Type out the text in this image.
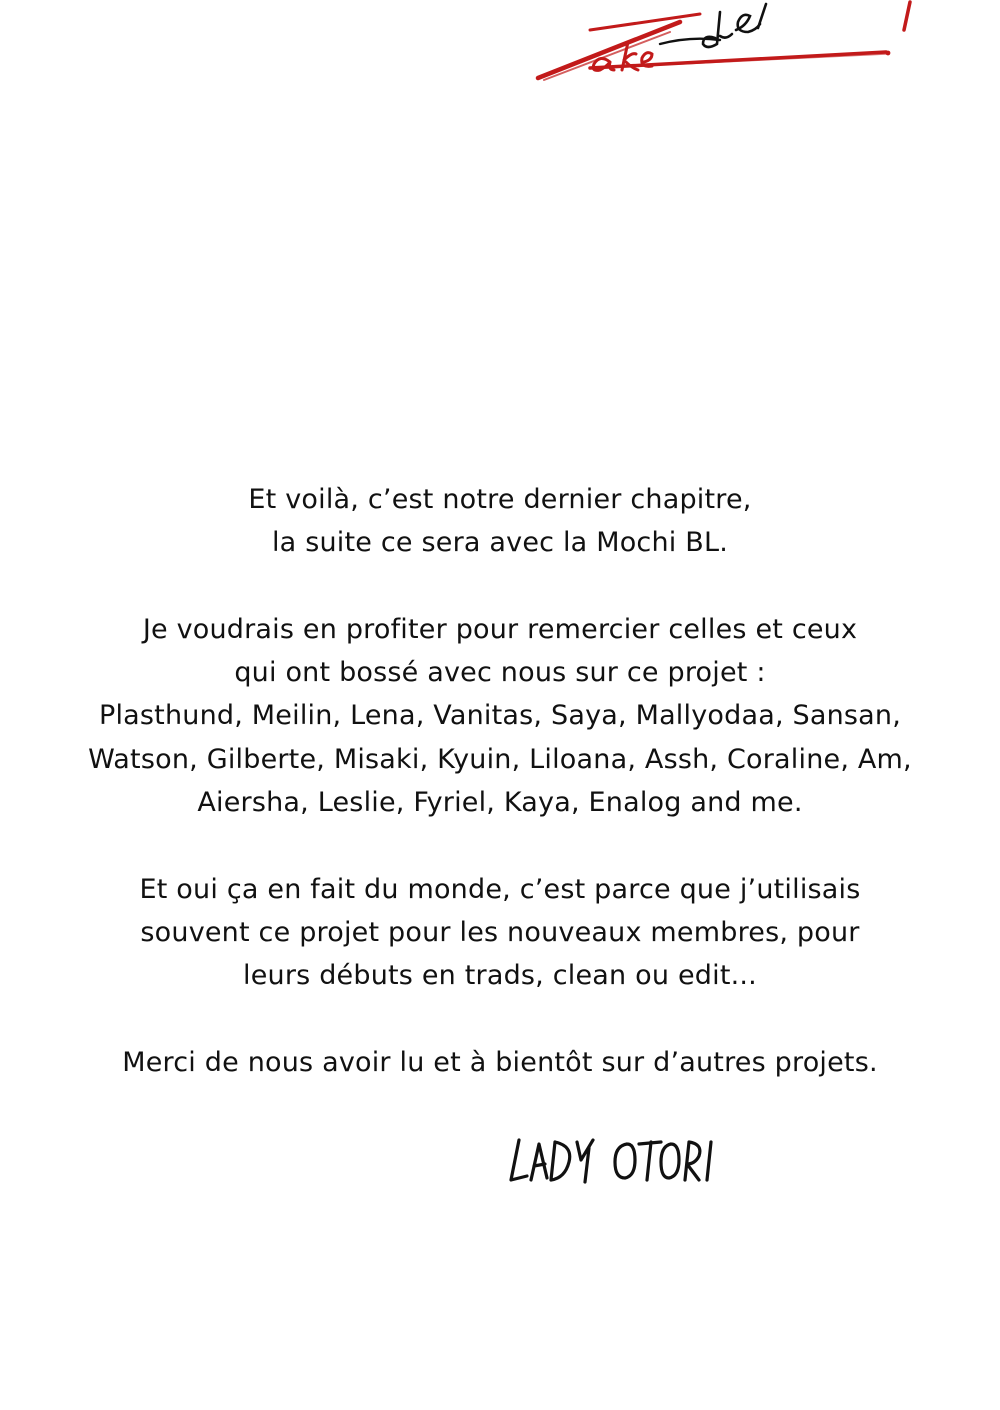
Et voilà, c’est notre dernier chapitre,
la suite ce sera avec la Mochi BL.
Je voudrais en profiter pour remercier celles et ceux
qui ont bossé avec nous sur ce projet :
Plasthund, Meilin, Lena, Vanitas, Saya, Mallyodaa, Sansan,
Watson, Gilberte, Misaki, Kyuin, Liloana, Assh, Coraline, Am,
Aiersha, Leslie, Fyriel, Kaya, Enalog and me.
Et oui ça en fait du monde, c’est parce que j’utilisais
souvent ce projet pour les nouveaux membres, pour
leurs débuts en trads, clean ou edit...
Merci de nous avoir lu et à bientôt sur d’autres projets.
